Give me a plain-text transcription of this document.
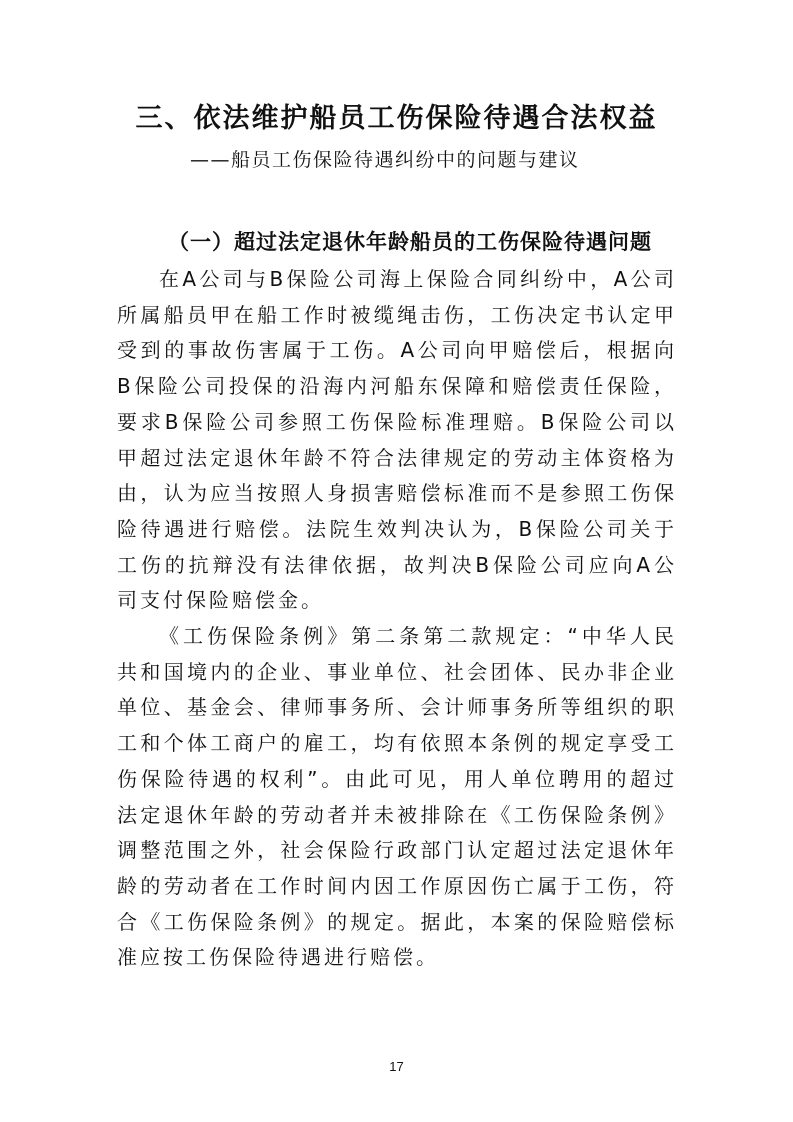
三、依法维护船员工伤保险待遇合法权益
——船员工伤保险待遇纠纷中的问题与建议
（一）超过法定退休年龄船员的工伤保险待遇问题

在A公司与B保险公司海上保险合同纠纷中，A公司所属船员甲在船工作时被缆绳击伤，工伤决定书认定甲受到的事故伤害属于工伤。A公司向甲赔偿后，根据向B保险公司投保的沿海内河船东保障和赔偿责任保险，要求B保险公司参照工伤保险标准理赔。B保险公司以甲超过法定退休年龄不符合法律规定的劳动主体资格为由，认为应当按照人身损害赔偿标准而不是参照工伤保险待遇进行赔偿。法院生效判决认为，B保险公司关于工伤的抗辩没有法律依据，故判决B保险公司应向A公司支付保险赔偿金。

《工伤保险条例》第二条第二款规定：“中华人民共和国境内的企业、事业单位、社会团体、民办非企业单位、基金会、律师事务所、会计师事务所等组织的职工和个体工商户的雇工，均有依照本条例的规定享受工伤保险待遇的权利”。由此可见，用人单位聘用的超过法定退休年龄的劳动者并未被排除在《工伤保险条例》调整范围之外，社会保险行政部门认定超过法定退休年龄的劳动者在工作时间内因工作原因伤亡属于工伤，符合《工伤保险条例》的规定。据此，本案的保险赔偿标准应按工伤保险待遇进行赔偿。

17
